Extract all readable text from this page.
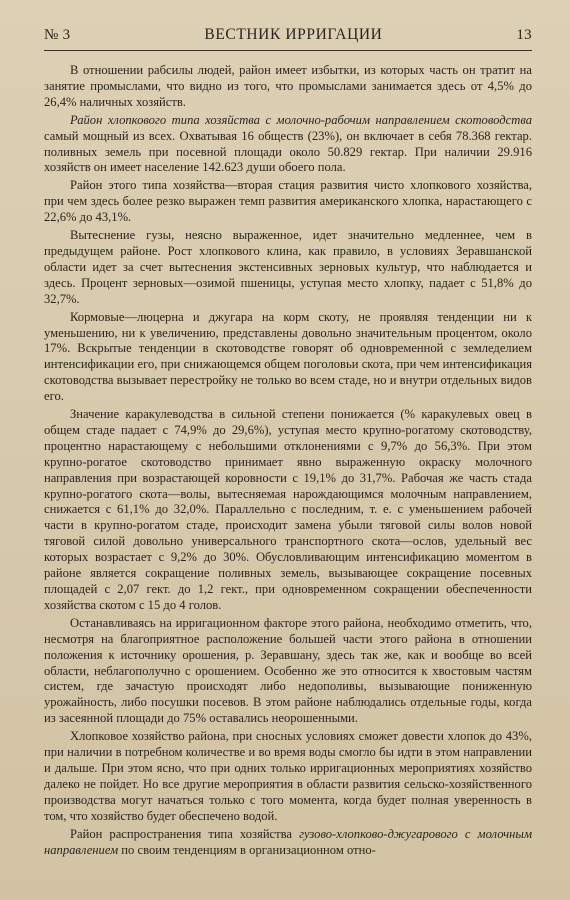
№ 3	ВЕСТНИК ИРРИГАЦИИ	13

В отношении рабсилы людей, район имеет избытки, из которых часть он тратит на занятие промыслами, что видно из того, что промыслами занимается здесь от 4,5% до 26,4% наличных хозяйств.

Район хлопкового типа хозяйства с молочно-рабочим направлением скотоводства самый мощный из всех. Охватывая 16 обществ (23%), он включает в себя 78.368 гектар. поливных земель при посевной площади около 50.829 гектар. При наличии 29.916 хозяйств он имеет население 142.623 души обоего пола.

Район этого типа хозяйства—вторая стация развития чисто хлопкового хозяйства, при чем здесь более резко выражен темп развития американского хлопка, нарастающего с 22,6% до 43,1%.

Вытеснение гузы, неясно выраженное, идет значительно медленнее, чем в предыдущем районе. Рост хлопкового клина, как правило, в условиях Зеравшанской области идет за счет вытеснения экстенсивных зерновых культур, что наблюдается и здесь. Процент зерновых—озимой пшеницы, уступая место хлопку, падает с 51,8% до 32,7%.

Кормовые—люцерна и джугара на корм скоту, не проявляя тенденции ни к уменьшению, ни к увеличению, представлены довольно значительным процентом, около 17%. Вскрытые тенденции в скотоводстве говорят об одновременной с земледелием интенсификации его, при снижающемся общем поголовьи скота, при чем интенсификация скотоводства вызывает перестройку не только во всем стаде, но и внутри отдельных видов его.

Значение каракулеводства в сильной степени понижается (% каракулевых овец в общем стаде падает с 74,9% до 29,6%), уступая место крупно-рогатому скотоводству, процентно нарастающему с небольшими отклонениями с 9,7% до 56,3%. При этом крупно-рогатое скотоводство принимает явно выраженную окраску молочного направления при возрастающей коровности с 19,1% до 31,7%. Рабочая же часть стада крупно-рогатого скота—волы, вытесняемая нарождающимся молочным направлением, снижается с 61,1% до 32,0%. Параллельно с последним, т. е. с уменьшением рабочей части в крупно-рогатом стаде, происходит замена убыли тяговой силы волов новой тяговой силой довольно универсального транспортного скота—ослов, удельный вес которых возрастает с 9,2% до 30%. Обусловливающим интенсификацию моментом в районе является сокращение поливных земель, вызывающее сокращение посевных площадей с 2,07 гект. до 1,2 гект., при одновременном сокращении обеспеченности хозяйства скотом с 15 до 4 голов.

Останавливаясь на ирригационном факторе этого района, необходимо отметить, что, несмотря на благоприятное расположение большей части этого района в отношении положения к источнику орошения, р. Зеравшану, здесь так же, как и вообще во всей области, неблагополучно с орошением. Особенно же это относится к хвостовым частям систем, где зачастую происходят либо недополивы, вызывающие пониженную урожайность, либо посушки посевов. В этом районе наблюдались отдельные годы, когда из засеянной площади до 75% оставались неорошенными.

Хлопковое хозяйство района, при сносных условиях сможет довести хлопок до 43%, при наличии в потребном количестве и во время воды смогло бы идти в этом направлении и дальше. При этом ясно, что при одних только ирригационных мероприятиях хозяйство далеко не пойдет. Но все другие мероприятия в области развития сельско-хозяйственного производства могут начаться только с того момента, когда будет полная уверенность в том, что хозяйство будет обеспечено водой.

Район распространения типа хозяйства гузово-хлопково-джугарового с молочным направлением по своим тенденциям в организационном отно-
